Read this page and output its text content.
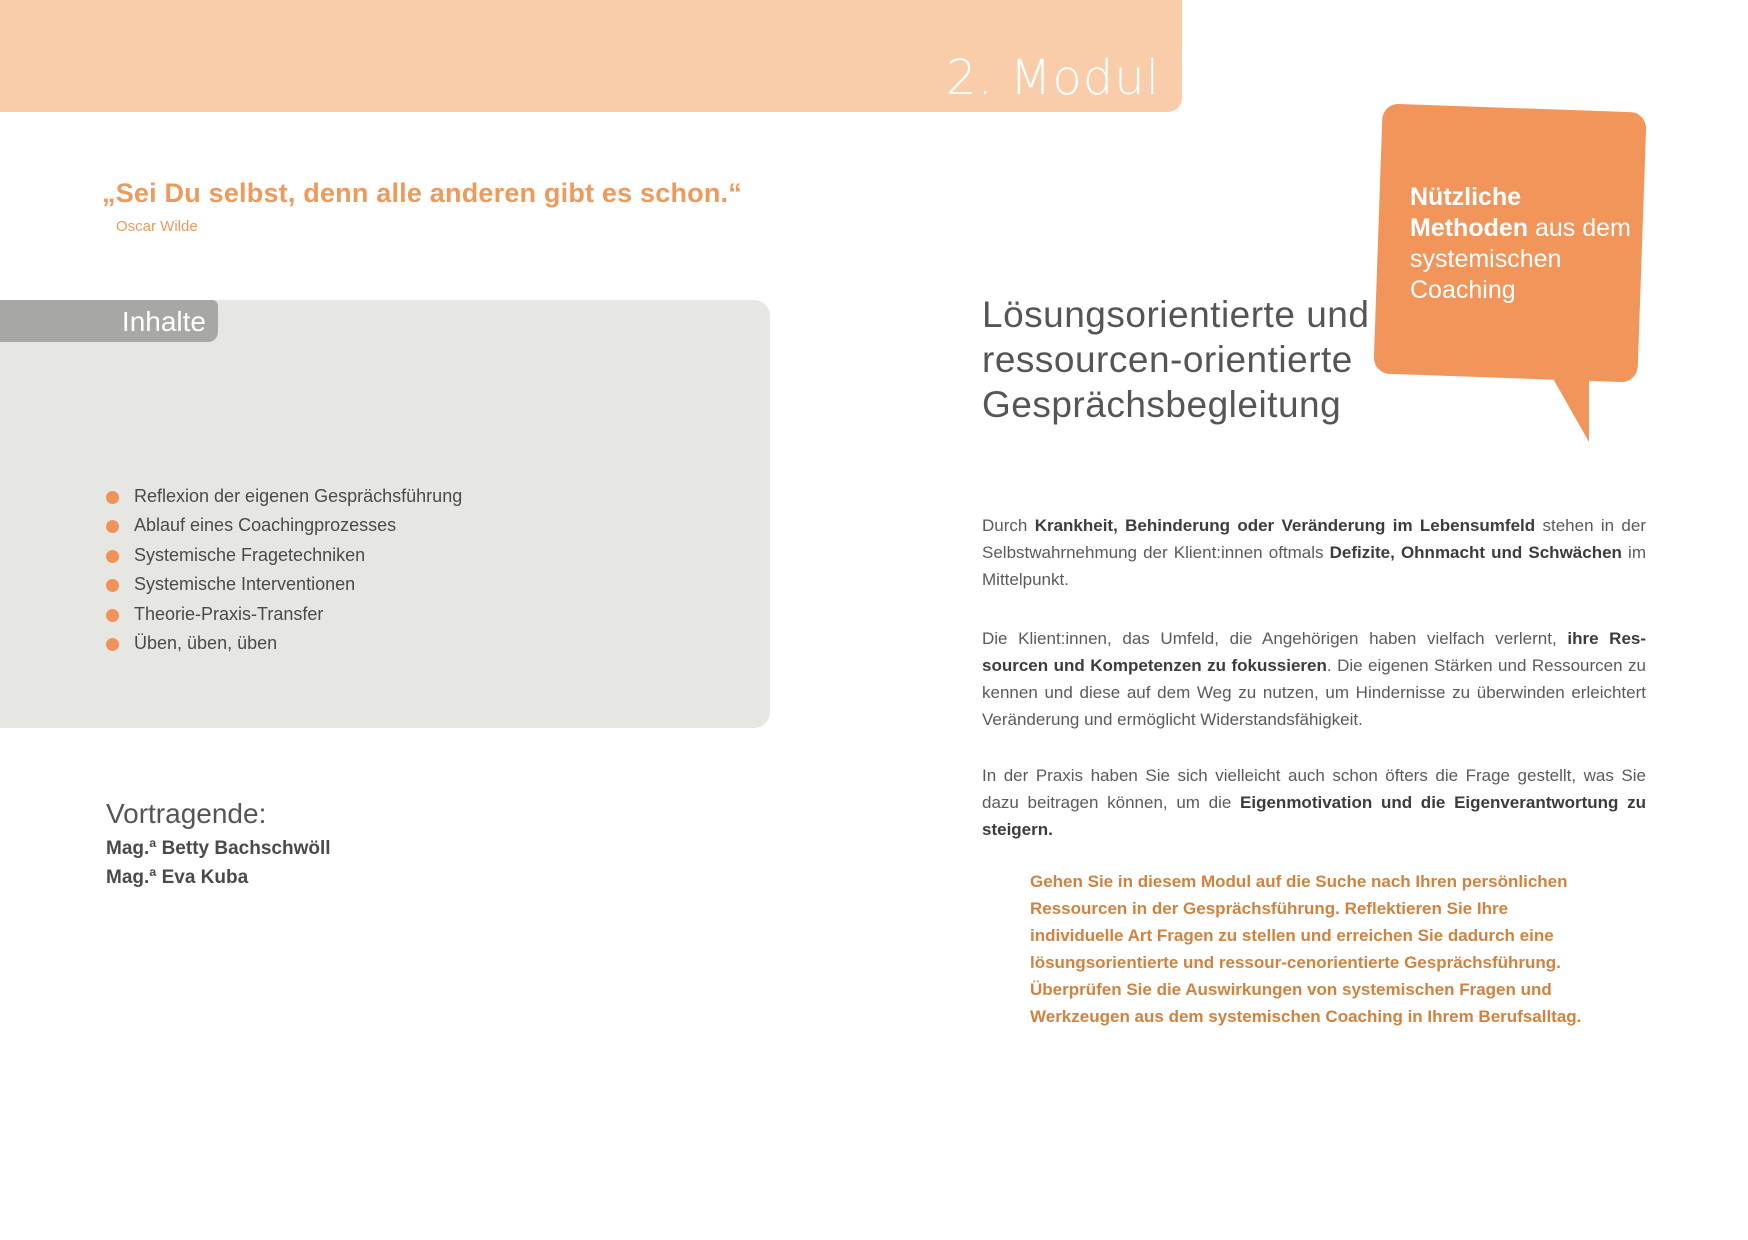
2. Modul
„Sei Du selbst, denn alle anderen gibt es schon.“
Oscar Wilde
Inhalte
Reflexion der eigenen Gesprächsführung
Ablauf eines Coachingprozesses
Systemische Fragetechniken
Systemische Interventionen
Theorie-Praxis-Transfer
Üben, üben, üben
Vortragende:
Mag.ª Betty Bachschwöll
Mag.ª Eva Kuba
Nützliche Methoden aus dem systemischen Coaching
Lösungsorientierte und ressourcen-orientierte Gesprächsbegleitung
Durch Krankheit, Behinderung oder Veränderung im Lebensumfeld stehen in der Selbstwahrnehmung der Klient:innen oftmals Defizite, Ohnmacht und Schwächen im Mittelpunkt.
Die Klient:innen, das Umfeld, die Angehörigen haben vielfach verlernt, ihre Res-sourcen und Kompetenzen zu fokussieren. Die eigenen Stärken und Ressourcen zu kennen und diese auf dem Weg zu nutzen, um Hindernisse zu überwinden erleichtert Veränderung und ermöglicht Widerstandsfähigkeit.
In der Praxis haben Sie sich vielleicht auch schon öfters die Frage gestellt, was Sie dazu beitragen können, um die Eigenmotivation und die Eigenverantwortung zu steigern.
Gehen Sie in diesem Modul auf die Suche nach Ihren persönlichen Ressourcen in der Gesprächsführung. Reflektieren Sie Ihre individuelle Art Fragen zu stellen und erreichen Sie dadurch eine lösungsorientierte und ressour-cenorientierte Gesprächsführung. Überprüfen Sie die Auswirkungen von systemischen Fragen und Werkzeugen aus dem systemischen Coaching in Ihrem Berufsalltag.
